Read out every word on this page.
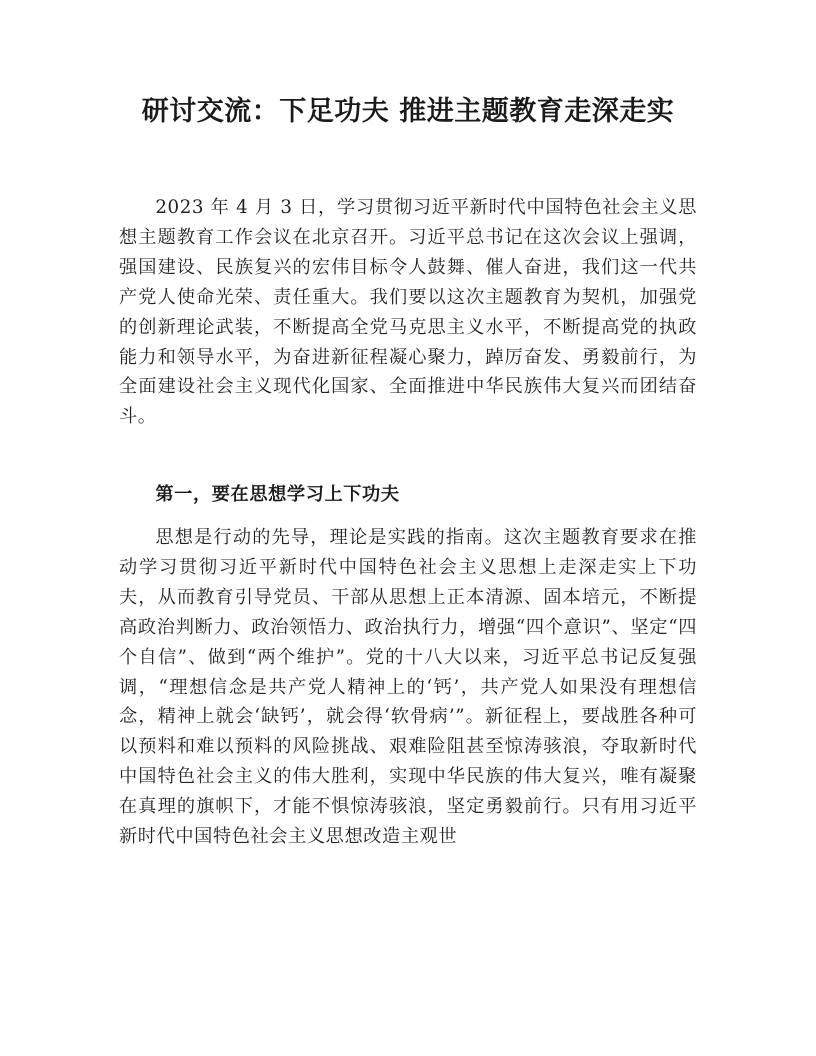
研讨交流：下足功夫 推进主题教育走深走实

2023 年 4 月 3 日，学习贯彻习近平新时代中国特色社会主义思想主题教育工作会议在北京召开。习近平总书记在这次会议上强调，强国建设、民族复兴的宏伟目标令人鼓舞、催人奋进，我们这一代共产党人使命光荣、责任重大。我们要以这次主题教育为契机，加强党的创新理论武装，不断提高全党马克思主义水平，不断提高党的执政能力和领导水平，为奋进新征程凝心聚力，踔厉奋发、勇毅前行，为全面建设社会主义现代化国家、全面推进中华民族伟大复兴而团结奋斗。

第一，要在思想学习上下功夫

思想是行动的先导，理论是实践的指南。这次主题教育要求在推动学习贯彻习近平新时代中国特色社会主义思想上走深走实上下功夫，从而教育引导党员、干部从思想上正本清源、固本培元，不断提高政治判断力、政治领悟力、政治执行力，增强“四个意识”、坚定“四个自信”、做到“两个维护”。党的十八大以来，习近平总书记反复强调，“理想信念是共产党人精神上的‘钙’，共产党人如果没有理想信念，精神上就会‘缺钙’，就会得‘软骨病’”。新征程上，要战胜各种可以预料和难以预料的风险挑战、艰难险阻甚至惊涛骇浪，夺取新时代中国特色社会主义的伟大胜利，实现中华民族的伟大复兴，唯有凝聚在真理的旗帜下，才能不惧惊涛骇浪，坚定勇毅前行。只有用习近平新时代中国特色社会主义思想改造主观世
